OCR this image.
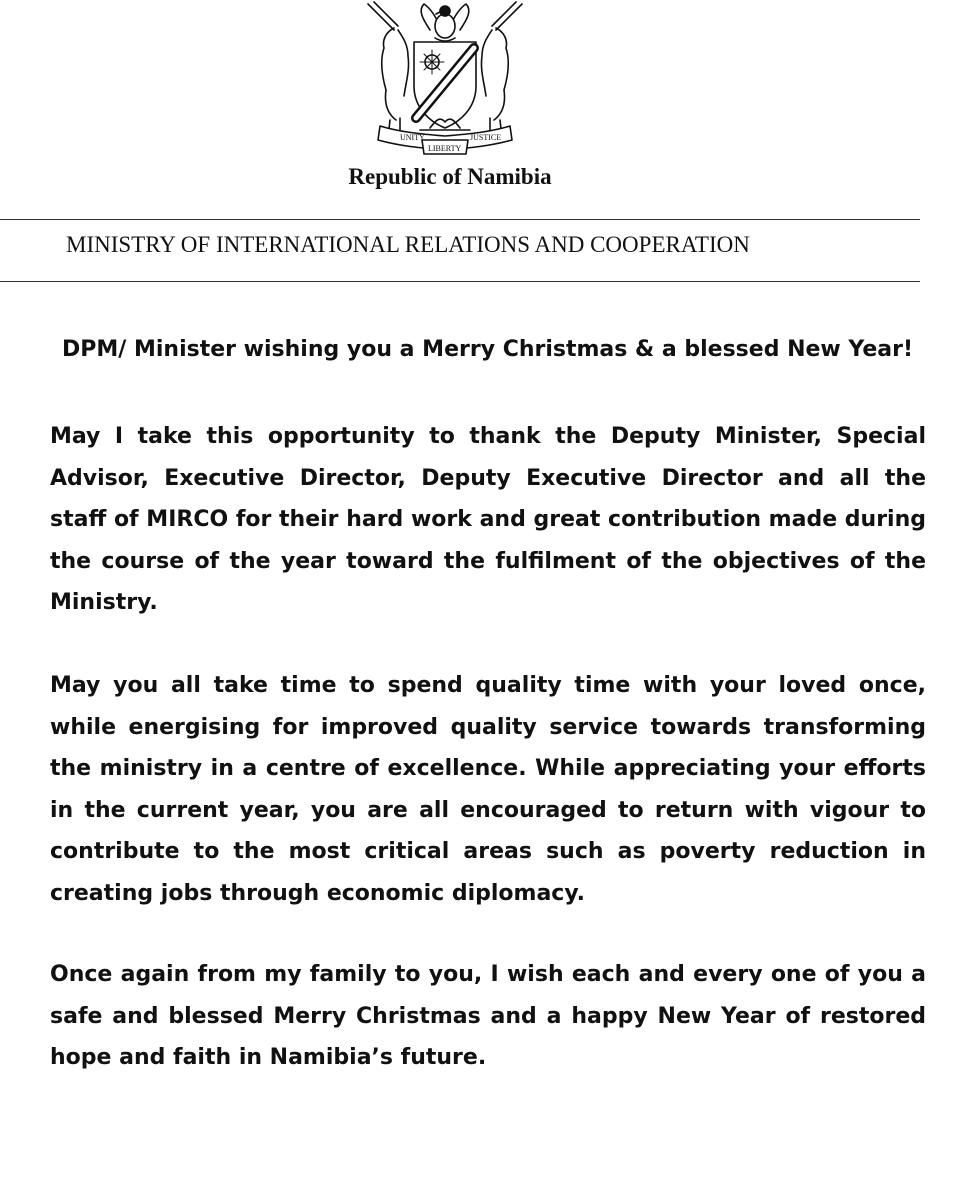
UNITY
LIBERTY
JUSTICE
Republic of Namibia
MINISTRY OF INTERNATIONAL RELATIONS AND COOPERATION
DPM/ Minister wishing you a Merry Christmas & a blessed New Year!

May I take this opportunity to thank the Deputy Minister, Special Advisor, Executive Director, Deputy Executive Director and all the staff of MIRCO for their hard work and great contribution made during the course of the year toward the fulfilment of the objectives of the Ministry.

May you all take time to spend quality time with your loved once, while energising for improved quality service towards transforming the ministry in a centre of excellence. While appreciating your efforts in the current year, you are all encouraged to return with vigour to contribute to the most critical areas such as poverty reduction in creating jobs through economic diplomacy.

Once again from my family to you, I wish each and every one of you a safe and blessed Merry Christmas and a happy New Year of restored hope and faith in Namibia’s future.
